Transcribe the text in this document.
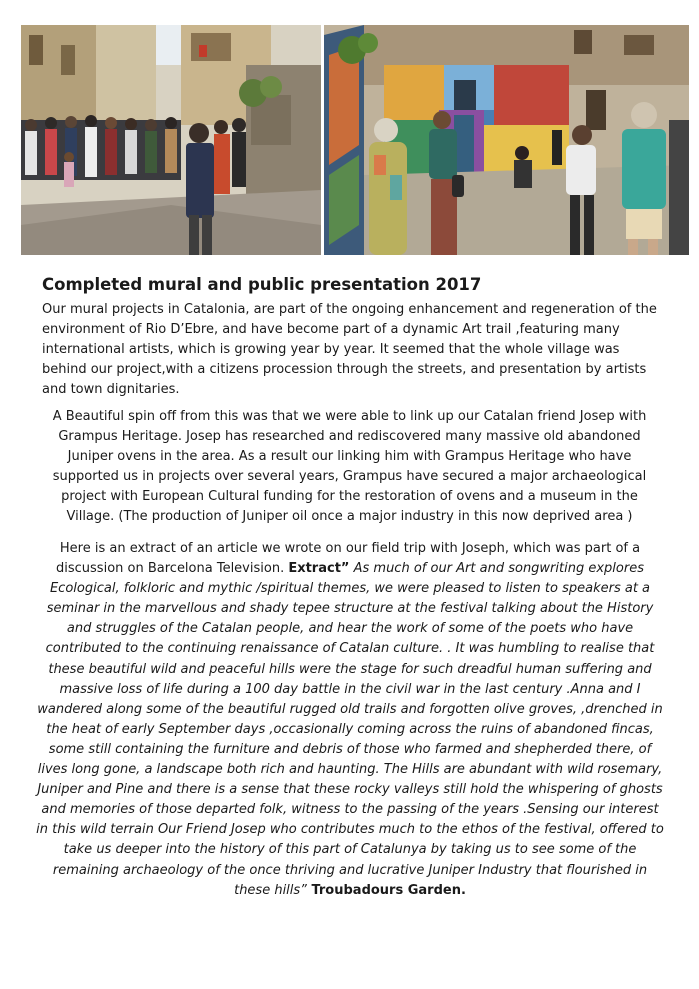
Completed mural and public presentation 2017

Our mural projects in Catalonia, are part of the ongoing enhancement and regeneration of the environment of Rio D’Ebre, and have become part of a dynamic Art trail ,featuring many international artists, which is growing year by year. It seemed that the whole village was behind our project,with a citizens procession through the streets, and presentation by artists and town dignitaries.

A Beautiful spin off from this was that we were able to link up our Catalan friend Josep with Grampus Heritage. Josep has researched and rediscovered many massive old abandoned Juniper ovens in the area. As a result our linking him with Grampus Heritage who have supported us in projects over several years, Grampus have secured a major archaeological project with European Cultural funding for the restoration of ovens and a museum in the Village. (The production of Juniper oil once a major industry in this now deprived area )

Here is an extract of an article we wrote on our field trip with Joseph, which was part of a discussion on Barcelona Television. Extract” As much of our Art and songwriting explores Ecological, folkloric and mythic /spiritual themes, we were pleased to listen to speakers at a seminar in the marvellous and shady tepee structure at the festival talking about the History and struggles of the Catalan people, and hear the work of some of the poets who have contributed to the continuing renaissance of Catalan culture. . It was humbling to realise that these beautiful wild and peaceful hills were the stage for such dreadful human suffering and massive loss of life during a 100 day battle in the civil war in the last century .Anna and I wandered along some of the beautiful rugged old trails and forgotten olive groves, ,drenched in the heat of early September days ,occasionally coming across the ruins of abandoned fincas, some still containing the furniture and debris of those who farmed and shepherded there, of lives long gone, a landscape both rich and haunting. The Hills are abundant with wild rosemary, Juniper and Pine and there is a sense that these rocky valleys still hold the whispering of ghosts and memories of those departed folk, witness to the passing of the years .Sensing our interest in this wild terrain Our Friend Josep who contributes much to the ethos of the festival, offered to take us deeper into the history of this part of Catalunya by taking us to see some of the remaining archaeology of the once thriving and lucrative Juniper Industry that flourished in these hills” Troubadours Garden.
